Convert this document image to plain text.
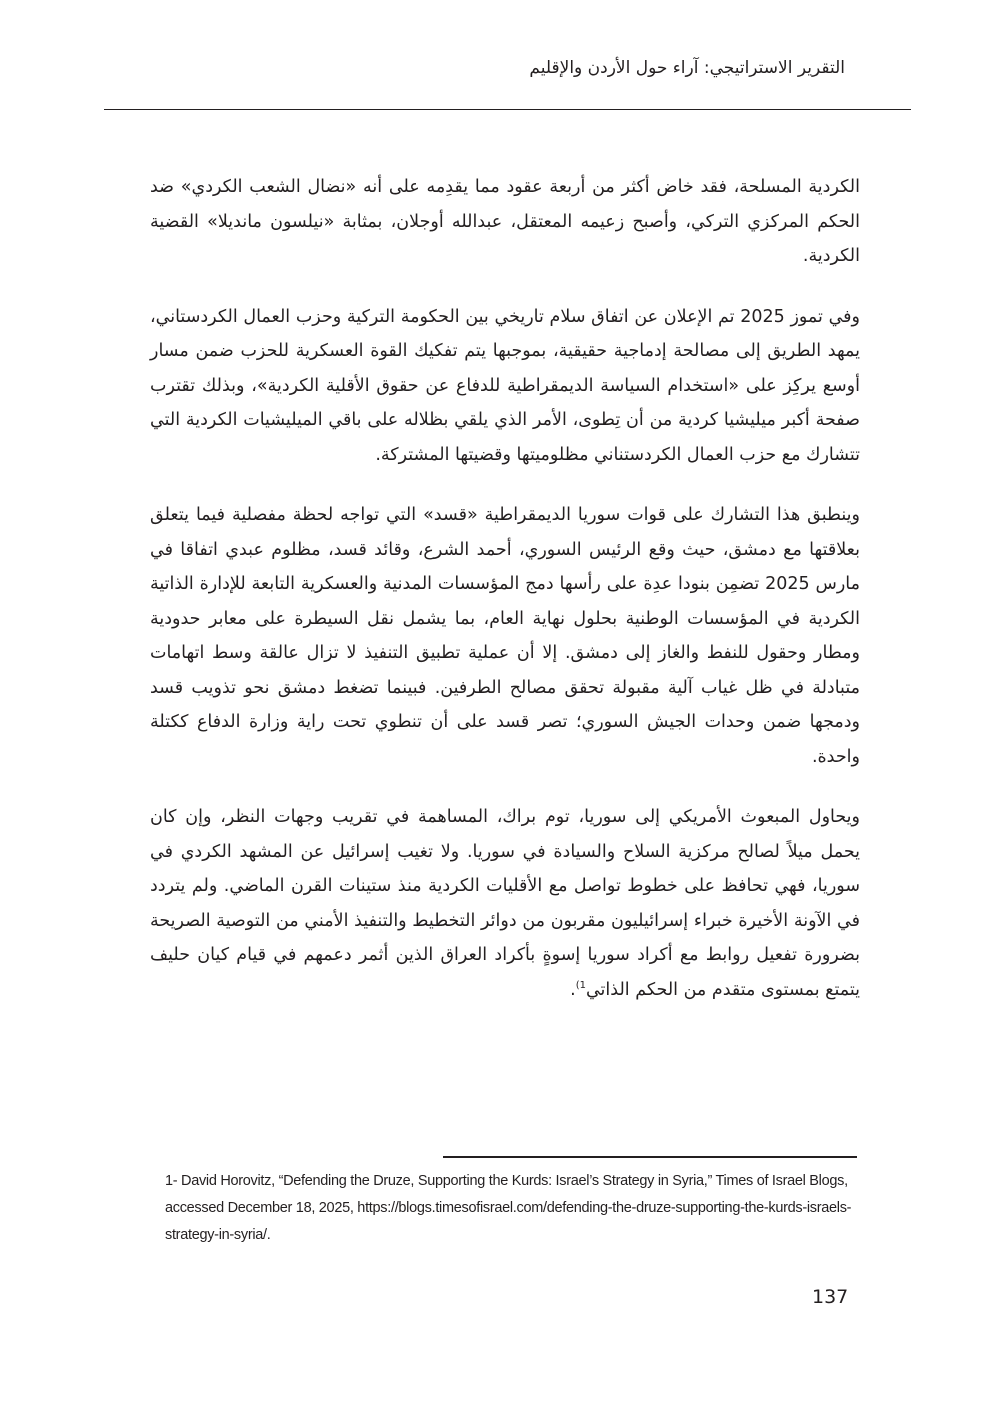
التقرير الاستراتيجي: آراء حول الأردن والإقليم

الكردية المسلحة، فقد خاض أكثر من أربعة عقود مما يقدِمه على أنه «نضال الشعب الكردي» ضد الحكم المركزي التركي، وأصبح زعيمه المعتقل، عبدالله أوجلان، بمثابة «نيلسون مانديلا» القضية الكردية.

وفي تموز 2025 تم الإعلان عن اتفاق سلام تاريخي بين الحكومة التركية وحزب العمال الكردستاني، يمهد الطريق إلى مصالحة إدماجية حقيقية، بموجبها يتم تفكيك القوة العسكرية للحزب ضمن مسار أوسع يركِز على «استخدام السياسة الديمقراطية للدفاع عن حقوق الأقلية الكردية»، وبذلك تقترب صفحة أكبر ميليشيا كردية من أن تِطوى، الأمر الذي يلقي بظلاله على باقي الميليشيات الكردية التي تتشارك مع حزب العمال الكردستناني مظلوميتها وقضيتها المشتركة.

وينطبق هذا التشارك على قوات سوريا الديمقراطية «قسد» التي تواجه لحظة مفصلية فيما يتعلق بعلاقتها مع دمشق، حيث وقع الرئيس السوري، أحمد الشرع، وقائد قسد، مظلوم عبدي اتفاقا في مارس 2025 تضمِن بنودا عدِة على رأسها دمج المؤسسات المدنية والعسكرية التابعة للإدارة الذاتية الكردية في المؤسسات الوطنية بحلول نهاية العام، بما يشمل نقل السيطرة على معابر حدودية ومطار وحقول للنفط والغاز إلى دمشق. إلا أن عملية تطبيق التنفيذ لا تزال عالقة وسط اتهامات متبادلة في ظل غياب آلية مقبولة تحقق مصالح الطرفين. فبينما تضغط دمشق نحو تذويب قسد ودمجها ضمن وحدات الجيش السوري؛ تصر قسد على أن تنطوي تحت راية وزارة الدفاع ككتلة واحدة.

ويحاول المبعوث الأمريكي إلى سوريا، توم براك، المساهمة في تقريب وجهات النظر، وإن كان يحمل ميلاً لصالح مركزية السلاح والسيادة في سوريا. ولا تغيب إسرائيل عن المشهد الكردي في سوريا، فهي تحافظ على خطوط تواصل مع الأقليات الكردية منذ ستينات القرن الماضي. ولم يتردد في الآونة الأخيرة خبراء إسرائيليون مقربون من دوائر التخطيط والتنفيذ الأمني من التوصية الصريحة بضرورة تفعيل روابط مع أكراد سوريا إسوةٍ بأكراد العراق الذين أثمر دعمهم في قيام كيان حليف يتمتع بمستوى متقدم من الحكم الذاتي$^{1)}$.

1- David Horovitz, “Defending the Druze, Supporting the Kurds: Israel’s Strategy in Syria,” Times of Israel Blogs, accessed December 18, 2025, https://blogs.timesofisrael.com/defending-the-druze-supporting-the-kurds-israels-strategy-in-syria/.
137
